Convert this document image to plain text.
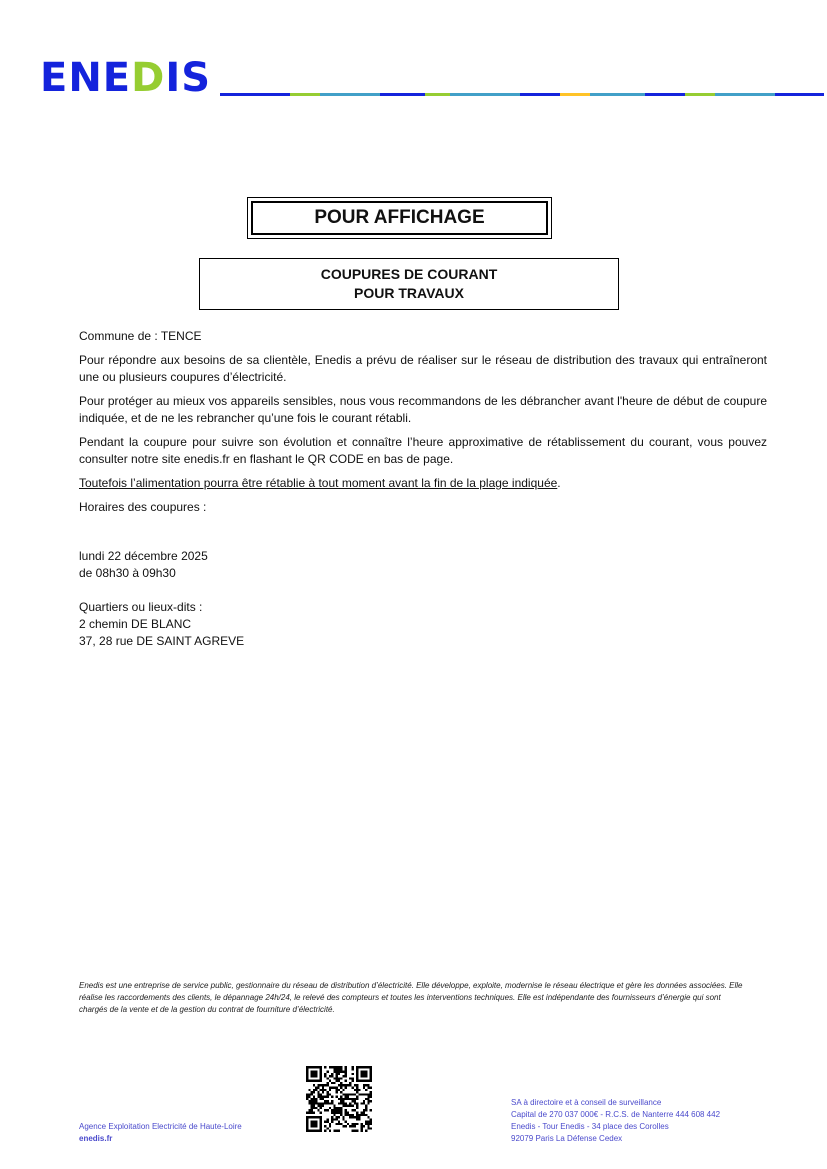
ENEDIS
POUR AFFICHAGE
COUPURES DE COURANT
POUR TRAVAUX

Commune de : TENCE

Pour répondre aux besoins de sa clientèle, Enedis a prévu de réaliser sur le réseau de distribution des travaux qui entraîneront une ou plusieurs coupures d’électricité.

Pour protéger au mieux vos appareils sensibles, nous vous recommandons de les débrancher avant l'heure de début de coupure indiquée, et de ne les rebrancher qu’une fois le courant rétabli.

Pendant la coupure pour suivre son évolution et connaître l’heure approximative de rétablissement du courant, vous pouvez consulter notre site enedis.fr en flashant le QR CODE en bas de page.

Toutefois l’alimentation pourra être rétablie à tout moment avant la fin de la plage indiquée.

Horaires des coupures :

lundi 22 décembre 2025
de 08h30 à 09h30
Quartiers ou lieux-dits :
2 chemin DE BLANC
37, 28 rue DE SAINT AGREVE
Enedis est une entreprise de service public, gestionnaire du réseau de distribution d’électricité. Elle développe, exploite, modernise le réseau électrique et gère les données associées. Elle réalise les raccordements des clients, le dépannage 24h/24, le relevé des compteurs et toutes les interventions techniques. Elle est indépendante des fournisseurs d’énergie qui sont chargés de la vente et de la gestion du contrat de fourniture d’électricité.
Agence Exploitation Electricité de Haute-Loire
enedis.fr
SA à directoire et à conseil de surveillance
Capital de 270 037 000€ - R.C.S. de Nanterre 444 608 442
Enedis - Tour Enedis - 34 place des Corolles
92079 Paris La Défense Cedex
